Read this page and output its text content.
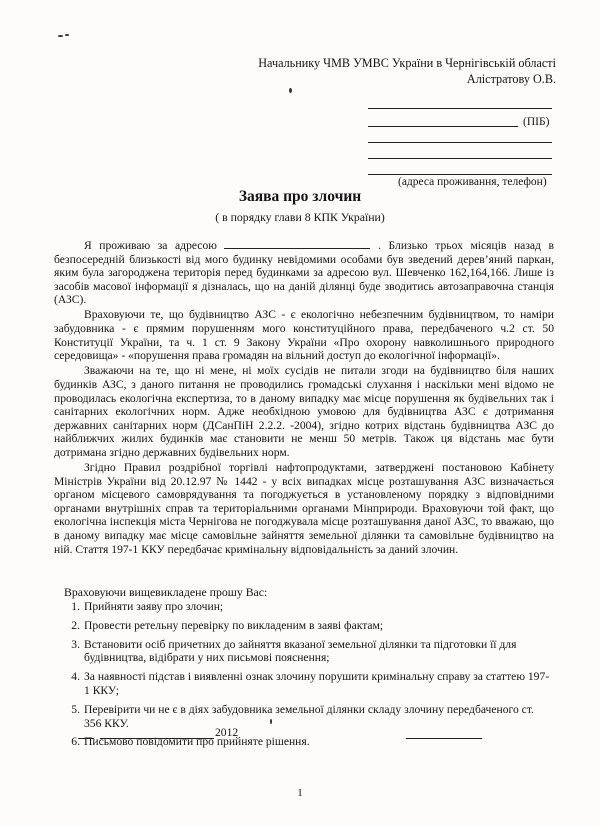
Начальнику ЧМВ УМВС України в Чернігівській області
Алістратову О.В.
(ПІБ)
(адреса проживання, телефон)
Заява про злочин
( в порядку глави 8 КПК України)

Я проживаю за адресою	. Близько трьох місяців назад в безпосередній близькості від мого будинку невідомими особами був зведений дерев’яний паркан, яким була загороджена територія перед будинками за адресою вул. Шевченко 162,164,166. Лише із засобів масової інформації я дізналась, що на даній ділянці буде зводитись автозаправочна станція (АЗС).

Враховуючи те, що будівництво АЗС - є екологічно небезпечним будівництвом, то наміри забудовника - є прямим порушенням мого конституційного права, передбаченого ч.2 ст. 50 Конституції України, та ч. 1 ст. 9 Закону України «Про охорону навколишнього природного середовища» - «порушення права громадян на вільний доступ до екологічної інформації».

Зважаючи на те, що ні мене, ні моїх сусідів не питали згоди на будівництво біля наших будинків АЗС, з даного питання не проводились громадські слухання і наскільки мені відомо не проводилась екологічна експертиза, то в даному випадку має місце порушення як будівельних так і санітарних екологічних норм. Адже необхідною умовою для будівництва АЗС є дотримання державних санітарних норм (ДСанПіН 2.2.2. -2004), згідно котрих відстань будівництва АЗС до найближчих жилих будинків має становити не менш 50 метрів. Також ця відстань має бути дотримана згідно державних будівельних норм.

Згідно Правил роздрібної торгівлі нафтопродуктами, затверджені постановою Кабінету Міністрів України від 20.12.97 № 1442 - у всіх випадках місце розташування АЗС визначається органом місцевого самоврядування та погоджується в установленому порядку з відповідними органами внутрішніх справ та територіальними органами Мінприроди. Враховуючи той факт, що екологічна інспекція міста Чернігова не погоджувала місце розташування даної АЗС, то вважаю, що в даному випадку має місце самовільне зайняття земельної ділянки та самовільне будівництво на ній. Стаття 197-1 ККУ передбачає кримінальну відповідальність за даний злочин.

Враховуючи вищевикладене прошу Вас:
1. Прийняти заяву про злочин;
2. Провести ретельну перевірку по викладеним в заяві фактам;
3. Встановити осіб причетних до зайняття вказаної земельної ділянки та підготовки її для будівництва, відібрати у них письмові пояснення;
4. За наявності підстав і виявленні ознак злочину порушити кримінальну справу за статтею 197-1 ККУ;
5. Перевірити чи не є в діях забудовника земельної ділянки складу злочину передбаченого ст. 356 ККУ.
6. Письмово повідомити про прийняте рішення.
2012
1
